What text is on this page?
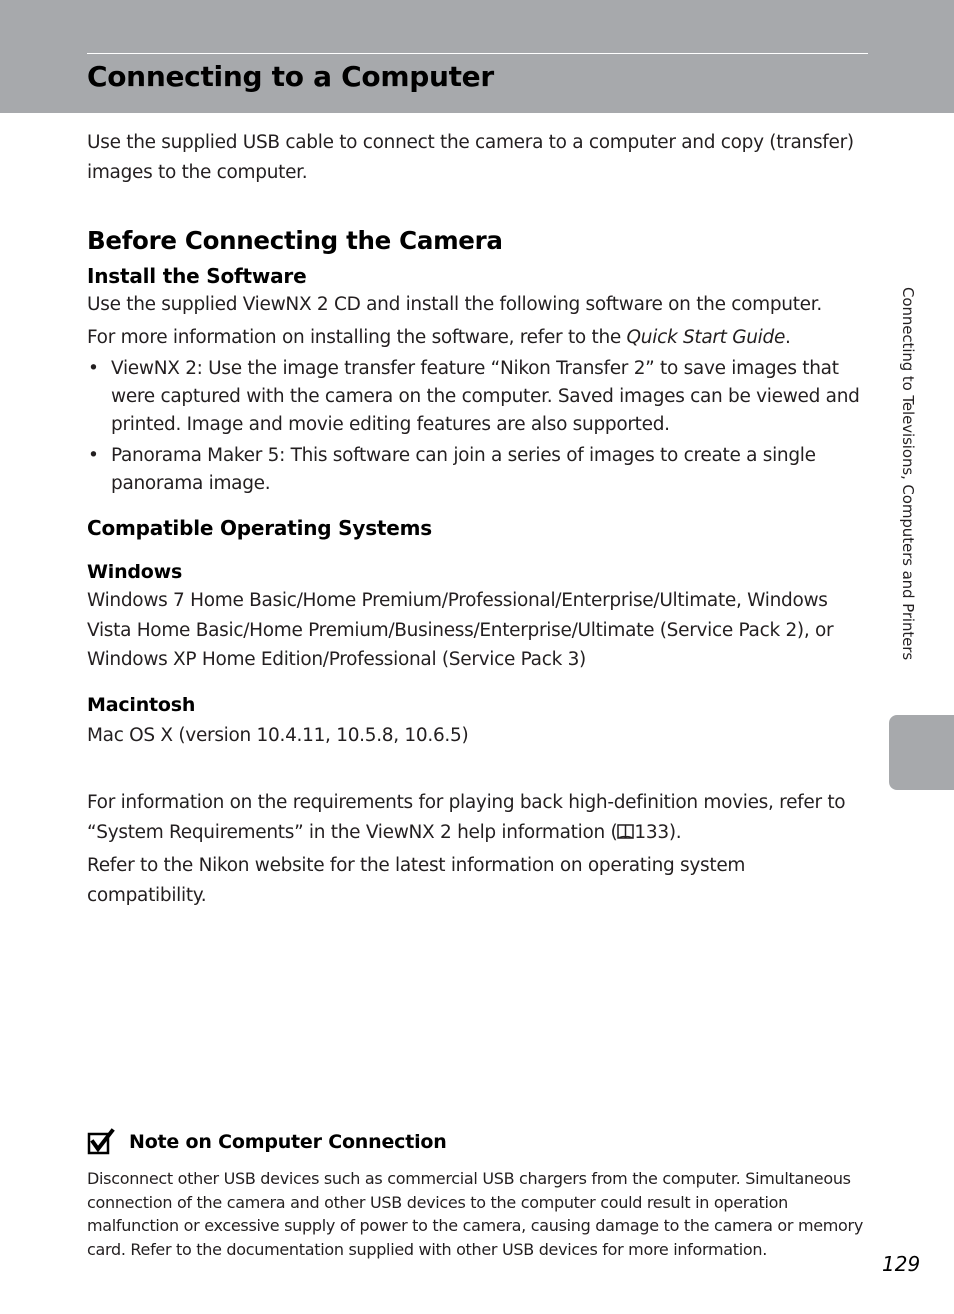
Connecting to a Computer
Connecting to Televisions, Computers and Printers

Use the supplied USB cable to connect the camera to a computer and copy (transfer) images to the computer.

Before Connecting the Camera
Install the Software

Use the supplied ViewNX 2 CD and install the following software on the computer.

For more information on installing the software, refer to the Quick Start Guide.

• ViewNX 2: Use the image transfer feature “Nikon Transfer 2” to save images that were captured with the camera on the computer. Saved images can be viewed and printed. Image and movie editing features are also supported.
• Panorama Maker 5: This software can join a series of images to create a single panorama image.
Compatible Operating Systems
Windows

Windows 7 Home Basic/Home Premium/Professional/Enterprise/Ultimate, Windows Vista Home Basic/Home Premium/Business/Enterprise/Ultimate (Service Pack 2), or Windows XP Home Edition/Professional (Service Pack 3)

Macintosh

Mac OS X (version 10.4.11, 10.5.8, 10.6.5)

For information on the requirements for playing back high-definition movies, refer to “System Requirements” in the ViewNX 2 help information ( 133).

Refer to the Nikon website for the latest information on operating system compatibility.

Note on Computer Connection

Disconnect other USB devices such as commercial USB chargers from the computer. Simultaneous connection of the camera and other USB devices to the computer could result in operation malfunction or excessive supply of power to the camera, causing damage to the camera or memory card. Refer to the documentation supplied with other USB devices for more information.

129
